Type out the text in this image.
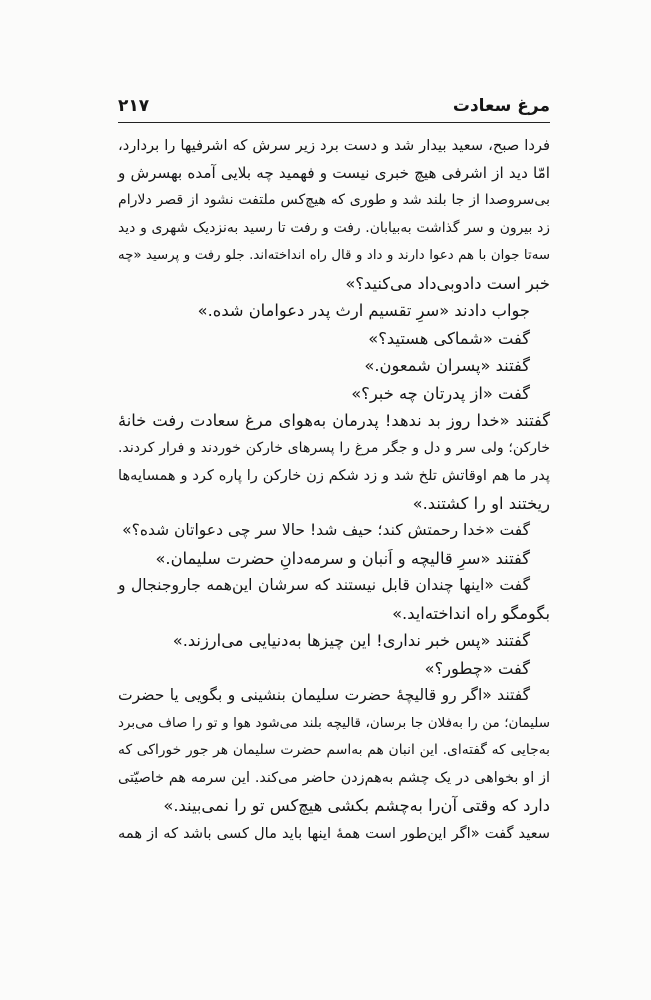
مرغ سعادت
۲۱۷
فردا صبح، سعید بیدار شد و دست برد زیر سرش که اشرفیها را بردارد،
امّا دید از اشرفی هیچ خبری نیست و فهمید چه بلایی آمده بهسرش و
بی‌سروصدا از جا بلند شد و طوری که هیچ‌کس ملتفت نشود از قصر دلارام
زد بیرون و سر گذاشت به‌بیابان. رفت و رفت تا رسید به‌نزدیک شهری و دید
سه‌تا جوان با هم دعوا دارند و داد و قال راه انداخته‌اند. جلو رفت و پرسید «چه
خبر است دادوبی‌داد می‌کنید؟»
جواب دادند «سرِ تقسیم ارث پدر دعوامان شده.»
گفت «شماکی هستید؟»
گفتند «پسران شمعون.»
گفت «از پدرتان چه خبر؟»
گفتند «خدا روز بد ندهد! پدرمان به‌هوای مرغ سعادت رفت خانهٔ
خارکن؛ ولی سر و دل و جگر مرغ را پسرهای خارکن خوردند و فرار کردند.
پدر ما هم اوقاتش تلخ شد و زد شکم زن خارکن را پاره کرد و همسایه‌ها
ریختند او را کشتند.»
گفت «خدا رحمتش کند؛ حیف شد! حالا سر چی دعواتان شده؟»
گفتند «سرِ قالیچه و اَنبان و سرمه‌دانِ حضرت سلیمان.»
گفت «اینها چندان قابل نیستند که سرشان این‌همه جاروجنجال و
بگومگو راه انداخته‌اید.»
گفتند «پس خبر نداری! این چیزها به‌دنیایی می‌ارزند.»
گفت «چطور؟»
گفتند «اگر رو قالیچهٔ حضرت سلیمان بنشینی و بگویی یا حضرت
سلیمان؛ من را به‌فلان جا برسان، قالیچه بلند می‌شود هوا و تو را صاف می‌برد
به‌جایی که گفته‌ای. این انبان هم به‌اسم حضرت سلیمان هر جور خوراکی که
از او بخواهی در یک چشم به‌هم‌زدن حاضر می‌کند. این سرمه هم خاصیّتی
دارد که وقتی آن‌را به‌چشم بکشی هیچ‌کس تو را نمی‌بیند.»
سعید گفت «اگر این‌طور است همهٔ اینها باید مال کسی باشد که از همه
